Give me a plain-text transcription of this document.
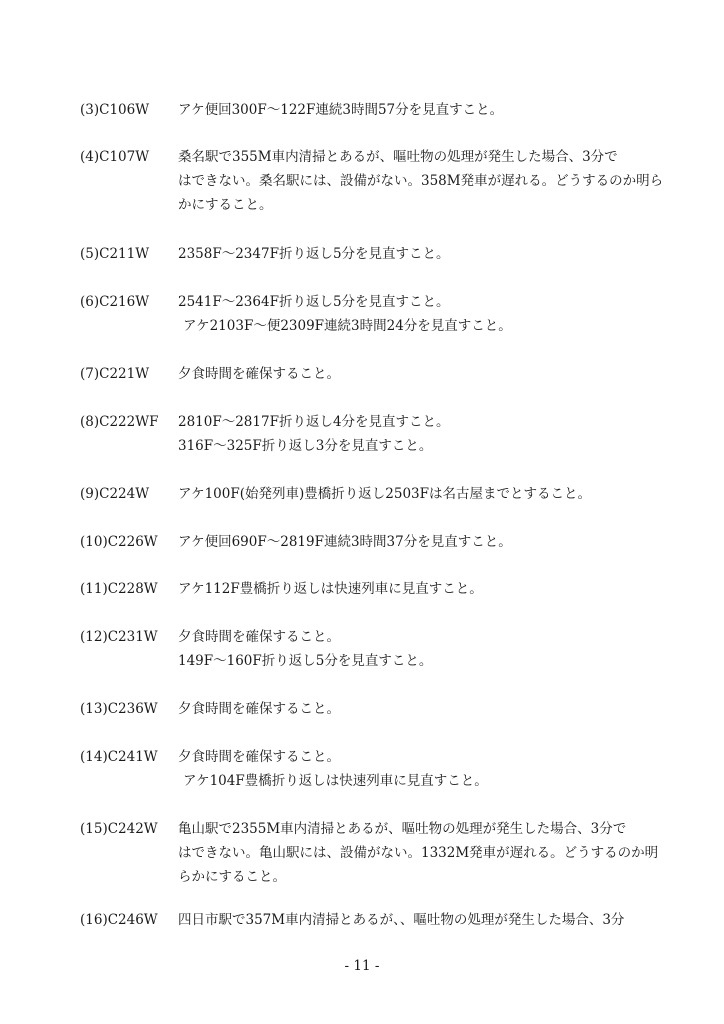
(3)C106W アケ便回300F～122F連続3時間57分を見直すこと。
(4)C107W 桑名駅で355M車内清掃とあるが、嘔吐物の処理が発生した場合、3分で
はできない。桑名駅には、設備がない。358M発車が遅れる。どうするのか明ら
かにすること。
(5)C211W 2358F～2347F折り返し5分を見直すこと。
(6)C216W 2541F～2364F折り返し5分を見直すこと。
アケ2103F～便2309F連続3時間24分を見直すこと。
(7)C221W 夕食時間を確保すること。
(8)C222WF 2810F～2817F折り返し4分を見直すこと。
316F～325F折り返し3分を見直すこと。
(9)C224W アケ100F(始発列車)豊橋折り返し2503Fは名古屋までとすること。
(10)C226W アケ便回690F～2819F連続3時間37分を見直すこと。
(11)C228W アケ112F豊橋折り返しは快速列車に見直すこと。
(12)C231W 夕食時間を確保すること。
149F～160F折り返し5分を見直すこと。
(13)C236W 夕食時間を確保すること。
(14)C241W 夕食時間を確保すること。
アケ104F豊橋折り返しは快速列車に見直すこと。
(15)C242W 亀山駅で2355M車内清掃とあるが、嘔吐物の処理が発生した場合、3分で
はできない。亀山駅には、設備がない。1332M発車が遅れる。どうするのか明
らかにすること。
(16)C246W 四日市駅で357M車内清掃とあるが、、嘔吐物の処理が発生した場合、3分
- 11 -
